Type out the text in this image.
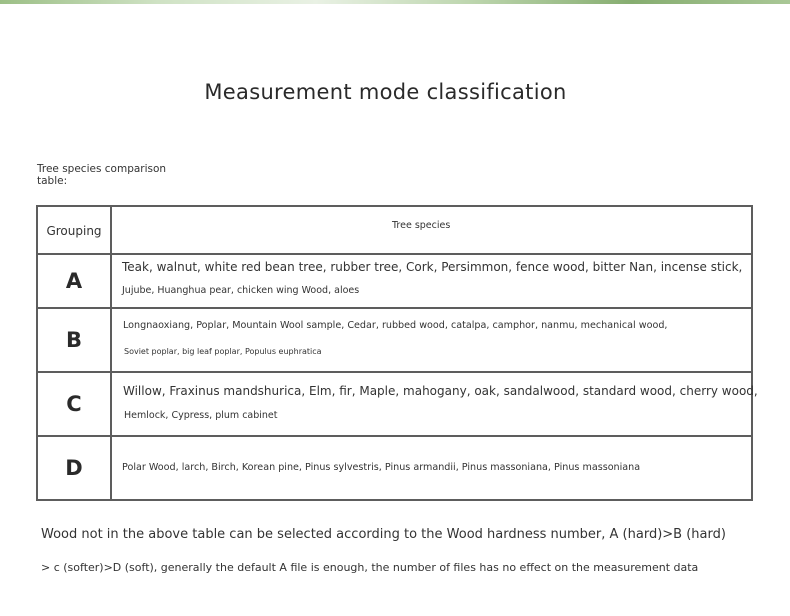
Measurement mode classification
Tree species comparison table:
Grouping	Tree species
A
Teak, walnut, white red bean tree, rubber tree, Cork, Persimmon, fence wood, bitter Nan, incense stick,
Jujube, Huanghua pear, chicken wing Wood, aloes
B
Longnaoxiang, Poplar, Mountain Wool sample, Cedar, rubbed wood, catalpa, camphor, nanmu, mechanical wood,
Soviet poplar, big leaf poplar, Populus euphratica
C
Willow, Fraxinus mandshurica, Elm, fir, Maple, mahogany, oak, sandalwood, standard wood, cherry wood,
Hemlock, Cypress, plum cabinet
D	Polar Wood, larch, Birch, Korean pine, Pinus sylvestris, Pinus armandii, Pinus massoniana, Pinus massoniana
Wood not in the above table can be selected according to the Wood hardness number, A (hard)>B (hard)
> c (softer)>D (soft), generally the default A file is enough, the number of files has no effect on the measurement data
